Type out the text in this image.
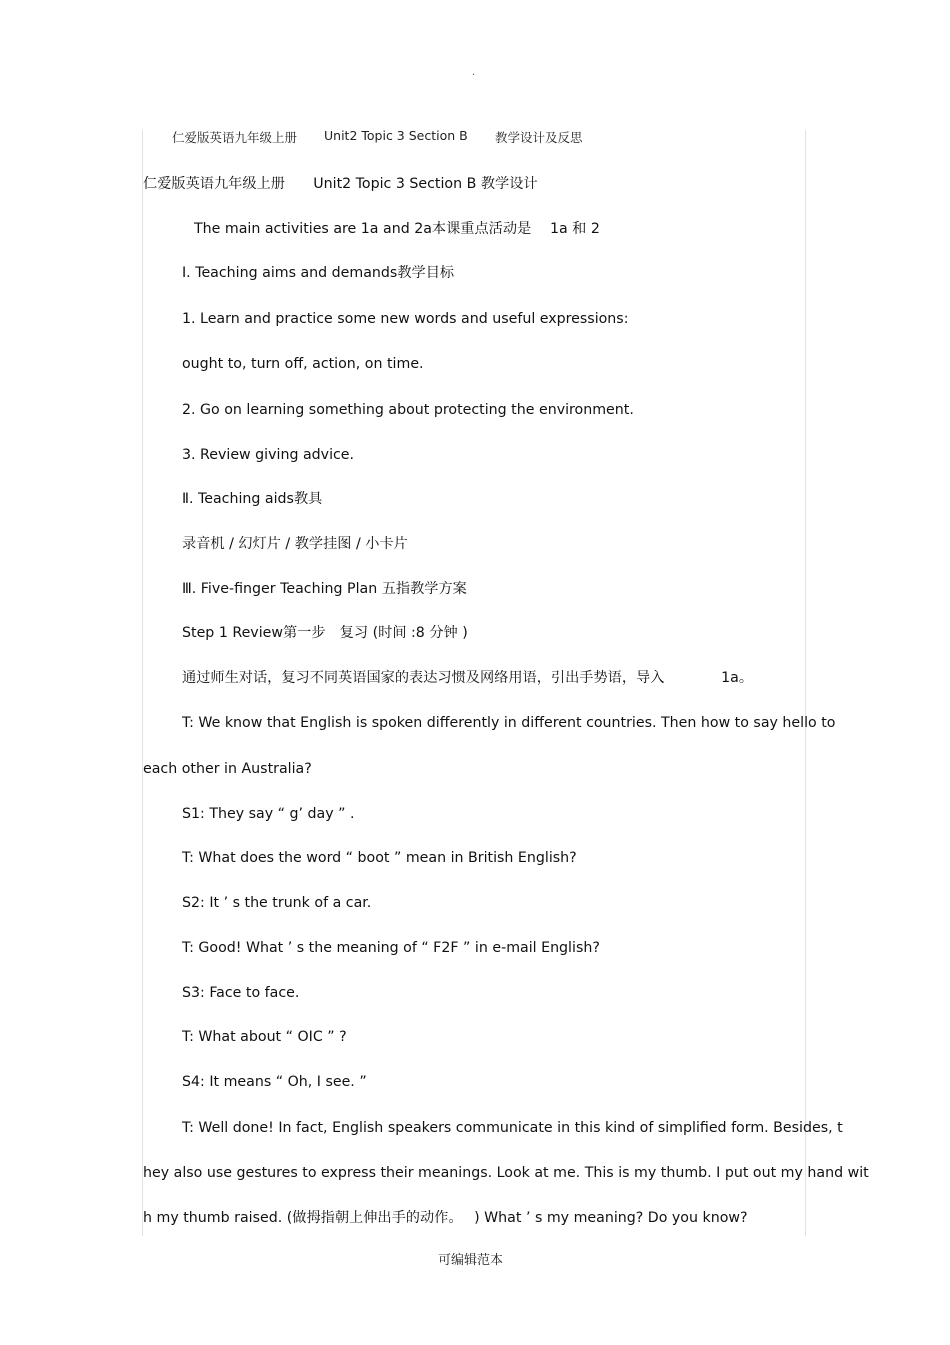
·
仁爱版英语九年级上册 Unit2 Topic 3 Section B 教学设计及反思
仁爱版英语九年级上册　　Unit2 Topic 3 Section B 教学设计
The main activities are 1a and 2a本课重点活动是　 1a 和 2
Ⅰ. Teaching aims and demands教学目标
1. Learn and practice some new words and useful expressions:
ought to, turn off, action, on time.
2. Go on learning something about protecting the environment.
3. Review giving advice.
Ⅱ. Teaching aids教具
录音机 / 幻灯片 / 教学挂图 / 小卡片
Ⅲ. Five-finger Teaching Plan 五指教学方案
Step 1 Review第一步　复习 (时间 :8 分钟 )
通过师生对话，复习不同英语国家的表达习惯及网络用语，引出手势语，导入　　　　1a。
T: We know that English is spoken differently in different countries. Then how to say hello to
each other in Australia?
S1: They say “ g’ day ” .
T: What does the word “ boot ” mean in British English?
S2: It ’ s the trunk of a car.
T: Good! What ’ s the meaning of “ F2F ” in e-mail English?
S3: Face to face.
T: What about “ OIC ” ?
S4: It means “ Oh, I see. ”
T: Well done! In fact, English speakers communicate in this kind of simplified form. Besides, t
hey also use gestures to express their meanings. Look at me. This is my thumb. I put out my hand wit
h my thumb raised. (做拇指朝上伸出手的动作。　 ) What ’ s my meaning? Do you know?
可编辑范本
